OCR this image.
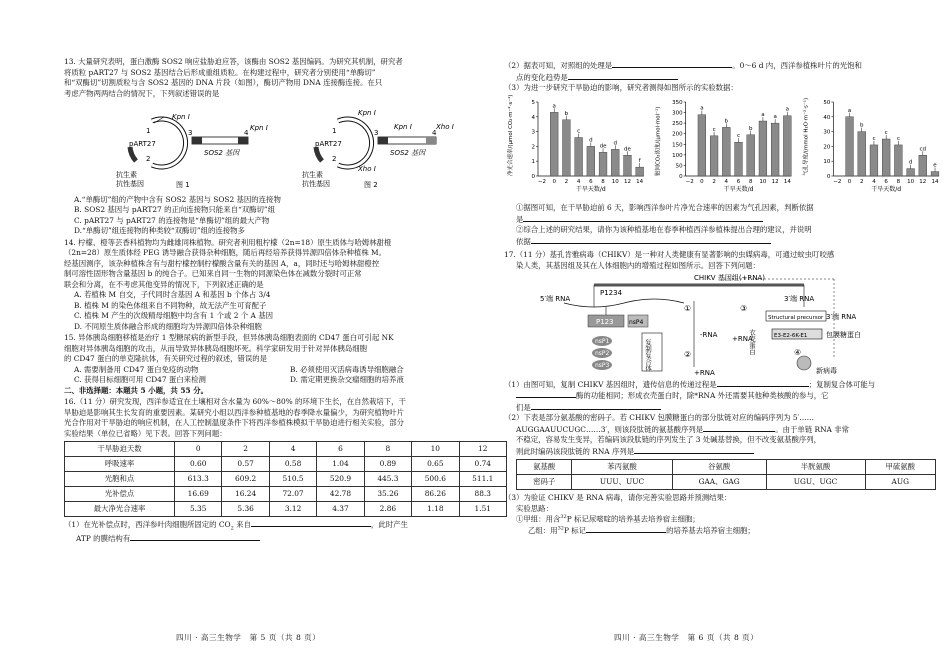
13. 大量研究表明，蛋白激酶 SOS2 响应盐胁迫应答，该酶由 SOS2 基因编码。为研究其机制，研究者

将质粒 pART27 与 SOS2 基因结合后形成重组质粒。在构建过程中，研究者分别使用“单酶切”

和“双酶切”切割质粒与含 SOS2 基因的 DNA 片段（如图），酶切产物用 DNA 连接酶连接。在只

考虑产物两两结合的情况下，下列叙述错误的是

pART27
Kpn Ⅰ
1
2
抗生素
抗性基因
3	4
Kpn Ⅰ
SOS2 基因
图 1
pART27
Kpn Ⅰ
Xho Ⅰ
1
2
抗生素
抗性基因
3	4
Kpn Ⅰ	Xho Ⅰ
SOS2 基因
图 2

A.“单酶切”组的产物中含有 SOS2 基因与 SOS2 基因的连接物

B. SOS2 基因与 pART27 的正向连接物只能来自“双酶切”组

C. pART27 与 pART27 的连接物是“单酶切”组的最大产物

D.“单酶切”组连接物的种类较“双酶切”组的连接物多

14. 柠檬、橙等芸香科植物均为雌雄同株植物。研究者利用粗柠檬（2n=18）原生质体与哈姆林甜橙

（2n=28）原生质体经 PEG 诱导融合获得杂种细胞，随后再经培养获得异源四倍体杂种植株 M。

经基因测序，该杂种植株含有与甜柠檬控制柠檬酸含量有关的基因 A，a，同时还与哈姆林甜橙控

制可溶性固形物含量基因 b 的纯合子。已知来自同一生物的同源染色体在减数分裂时可正常

联会和分离，在不考虑其他变异的情况下，下列叙述正确的是

A. 若植株 M 自交，子代同时含基因 A 和基因 b 个体占 3/4

B. 植株 M 的染色体组来自不同物种，故无法产生可育配子

C. 植株 M 产生的次级精母细胞中均含有 1 个或 2 个 A 基因

D. 不同原生质体融合形成的细胞均为异源四倍体杂种细胞

15. 异体胰岛细胞移植是治疗 1 型糖尿病的新型手段，但异体胰岛细胞表面的 CD47 蛋白可引起 NK

细胞对异体胰岛细胞的攻击，从而导致异体胰岛细胞坏死。科学家研发用于针对异体胰岛细胞

的 CD47 蛋白的单克隆抗体，有关研究过程的叙述，错误的是

A. 需要制备用 CD47 蛋白免疫的动物	B. 必须使用灭活病毒诱导细胞融合

C. 获得目标细胞可用 CD47 蛋白来检测	D. 需定期更换杂交瘤细胞的培养液

二、非选择题：本题共 5 小题，共 55 分。

16.（11 分）研究发现，西洋参适宜在土壤相对含水量为 60%～80% 的环境下生长，在自然栽培下，干

旱胁迫是影响其生长发育的重要因素。某研究小组以西洋参种植基地的春季降水量偏少，为研究植物叶片

光合作用对干旱胁迫的响应机制，在人工控制温度条件下将西洋参植株模拟干旱胁迫进行相关实验，部分

实验结果（单位已省略）见下表。回答下列问题：

干旱胁迫天数	0	2	4	6	8	10	12
呼吸速率	0.60	0.57	0.58	1.04	0.89	0.65	0.74
光胞和点	613.3	609.2	510.5	520.9	445.3	500.6	511.1
光补偿点	16.69	16.24	72.07	42.78	35.26	86.26	88.3
最大净光合速率	5.35	5.36	3.12	4.37	2.86	1.18	1.51

（1）在光补偿点时，西洋参叶肉细胞所固定的 $CO_2$ 来自	，此时产生

ATP 的膜结构有

四川 · 高三生物学　第 5 页（共 8 页）

（2）据表可知，对照组的处理是	。0～6 d 内，西洋参植株叶片的光饱和

点的变化趋势是

（3）为进一步研究干旱胁迫的影响，研究者测得如图所示的实验数据：

净光合速率/(μmol CO₂·m⁻²·s⁻¹)
0
1
2
3
4
5
a
b
c
d
de d
de
f
−2 0 2 4 6 8 10 12 14
干旱天数/d
胞间CO₂浓度/(μmol·mol⁻¹)
0
50
100
150
200
250
300
350
a
c
b
c
b
a a
a
−2 0 2 4 6 8 10 12 14
干旱天数/d
气孔导度/(mmol H₂O·m⁻²·s⁻¹)
0
10
20
30
40
50
a
b
c
c
c
d
cd
e
−2 0 2 4 6 8 10 12 14
干旱天数/d

①据图可知，在干旱胁迫前 6 天，影响西洋参叶片净光合速率的因素为气孔因素，判断依据

是

②综合上述的研究结果，请你为该种植基地在春季种植西洋参植株提出合理的建议，并说明

依据

17.（11 分）基孔肯雅病毒（CHIKV）是一种对人类健康有显著影响的虫媒病毒，可通过蚊虫叮咬感

染人类，其基因组及其在人体细胞内的增殖过程如图所示。回答下列问题：

CHIKV 基因组(+RNA)
5′端 RNA	3′端 RNA
P1234
P123	nsP4
nsP1
nsP2
nsP3	复制复合体
①
②
-RNA
+RNA
③
+RNA
衣壳蛋白
Structural precursor 3′端 RNA
E3-E2-6K-E1	包膜糖蛋白
④
新病毒

（1）由图可知，复制 CHIKV 基因组时，遗传信息的传递过程是	；复制复合体可能与

酶的功能相同；形成衣壳蛋白时，除*RNA 外还需要其他种类核酸的参与，它

们是

（2）下表是部分氨基酸的密码子。若 CHIKV 包膜糖蛋白的部分肽链对应的编码序列为 5′……

AUGGAAUUCUGC……3′，则该段肽链的氨基酸序列是	。由于单链 RNA 非常

不稳定，容易发生变异，若编码该段肽链的序列发生了 3 处碱基替换，但不改变氨基酸序列，

则此时编码该段肽链的 RNA 序列是

氨基酸	苯丙氨酸	谷氨酸	半胱氨酸	甲硫氨酸
密码子	UUU、UUC	GAA、GAG	UGU、UGC	AUG

（3）为验证 CHIKV 是 RNA 病毒，请你完善实验思路并预测结果：

实验思路：

①甲组：用含$^{32}$P 标记尿嘧啶的培养基去培养宿主细胞；

乙组：用$^{32}$P 标记	的培养基去培养宿主细胞；

四川 · 高三生物学　第 6 页（共 8 页）
